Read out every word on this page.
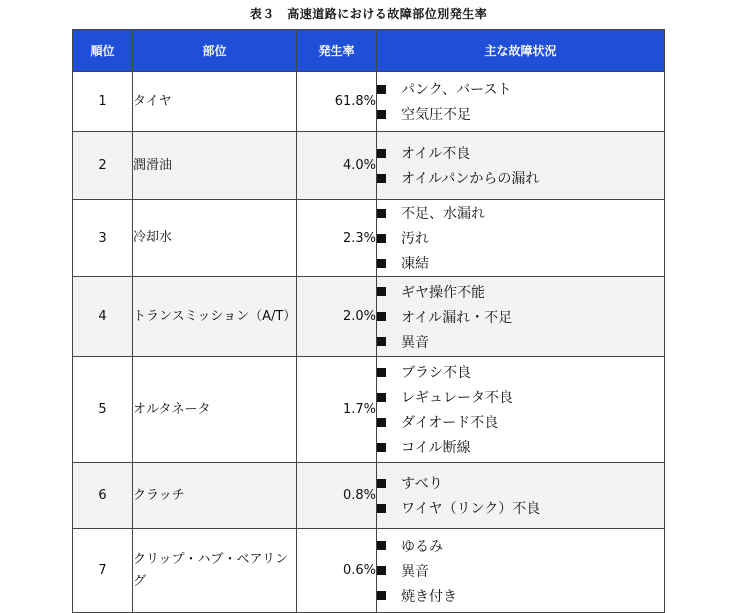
表３　高速道路における故障部位別発生率
順位	部位	発生率	主な故障状況
1	タイヤ	61.8%	パンク、バースト
空気圧不足

2	潤滑油	4.0%	オイル不良
オイルパンからの漏れ

3	冷却水	2.3%	不足、水漏れ
汚れ
凍結

4	トランスミッション（A/T）	2.0%	ギヤ操作不能
オイル漏れ・不足
異音

5	オルタネータ	1.7%	ブラシ不良
レギュレータ不良
ダイオード不良
コイル断線

6	クラッチ	0.8%	すべり
ワイヤ（リンク）不良

7	クリップ・ハブ・ベアリング	0.6%	ゆるみ
異音
焼き付き
